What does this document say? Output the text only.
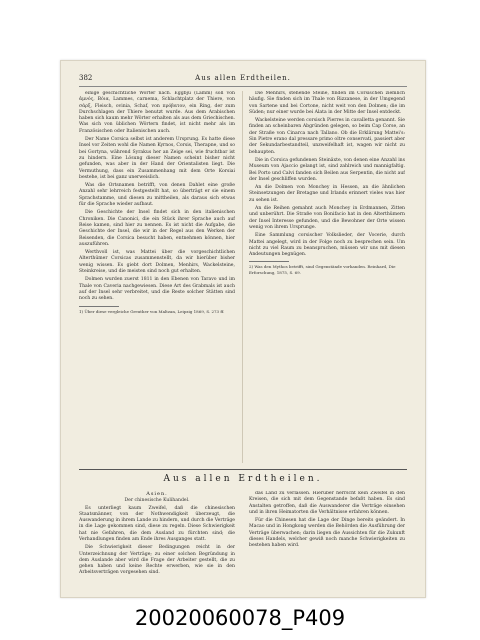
382	Aus allen Erdtheilen.

einige geschichtliche Wörter nach. Eggbju (Lamm) soll von ἀμνός, Βόια, Lammes, carnema, Schlachtplatz der Thiere, von σάρξ, Fleisch, ovinia, Schaf, von πρόβατον, ein Ring, der zum Durchschlagen der Thiere benutzt wurde. Aus dem Arabischen haben sich kaum mehr Wörter erhalten als aus dem Griechischen. Was sich von üblichen Wörtern findet, ist nicht mehr als im Französischen oder Italienischen auch.

Der Name Corsica selbst ist anderem Ursprung. Es hatte diese Insel vor Zeiten wohl die Namen Kyrnos, Corsis, Therapne, und so bei Gortyna, während Syrakus her an Zeige sei, wie fruchtbar ist zu hindern. Eine Lösung dieser Namen scheint bisher nicht gefunden, was aber in der Hand der Orientalisten liegt. Die Vermuthung, dass ein Zusammenhang mit dem Orte Korsiai bestehe, ist bei ganz unerweislich.

Was die Ortsnamen betrifft, von denen Dahlet eine große Anzahl sehr lehrreich festgestellt hat, so überträgt er sie einem Sprachstamme, und diesen zu mittheilen, als daraus sich etwas für die Sprache wieder aufbaut.

Die Geschichte der Insel findet sich in den italienischen Chroniken. Die Canonici, die ein Stück ihrer Sprache auch auf Reise kamen, sind hier zu nennen. Es ist nicht die Aufgabe, die Geschichte der Insel, die wir in der Regel aus den Werken der Reisenden, die Corsica besucht haben, entnehmen können, hier auszuführen.

Werthvoll ist, was Mattei über die vorgeschichtlichen Alterthümer Corsicas zusammenstellt, da wir hierüber bisher wenig wissen. Es giebt dort Dolmen, Menhirs, Wackelsteine, Steinkreise, und die meisten sind noch gut erhalten.

Dolmen wurden zuerst 1811 in den Ebenen von Taravo und im Thale von Caveria nachgewiesen. Diese Art des Grabmals ist auch auf der Insel sehr verbreitet, und die Reste solcher Stätten sind noch zu sehen.

1) Über diese vergleiche Greuther von Maltzan, Leipzig 1869, S. 273 ff.

Die Menhirs, stehende Steine, finden im Corsischen ziemlich häufig. Sie finden sich im Thale von Rizzanese, in der Umgegend von Sartene und bei Cortone, nicht weit von den Dolmen; die im Süden; nur einer wurde bei Alata in der Mitte der Insel entdeckt.

Wackelsteine werden corsisch Pierres in cavalletta genannt. Sie finden an scheinbaren Abgründen gelegen, so beim Cap Corse, an der Straße von Cinarca nach Tallano. Ob die Erklärung Mattei's: Sin Pietre erano dal pressare primo oltre conservati, passiert aber der Sekundarbestandteil, unzweifelhaft ist, wagen wir nicht zu behaupten.

Die in Corsica gefundenen Steinäxte, von denen eine Anzahl ins Museum von Ajaccio gelangt ist, sind zahlreich und mannigfaltig. Bei Porto und Calvi fanden sich Beilen aus Serpentin, die nicht auf der Insel geschliffen wurden.

An die Dolmen von Monchey in Hessen, an die ähnlichen Steinsetzungen der Bretagne und Irlands erinnert vieles was hier zu sehen ist.

An die Reihen gemahnt auch Monchey in Erdmannen, Zitten und unberührt. Die Straße von Bonifacio hat in den Alterthümern der Insel Interesse gefunden, und die Bewohner der Orte wissen wenig von ihrem Ursprunge.

Eine Sammlung corsischer Volkslieder, der Vocerie, durch Mattei angelegt, wird in der Folge noch zu besprechen sein. Um nicht zu viel Raum zu beanspruchen, müssen wir uns mit diesen Andeutungen begnügen.

2) Was den Mythos betrifft, sind Gegenstände vorhanden. Reinhard, Die Erforschung, 1875, S. 69.

Aus allen Erdtheilen.

Asien.

Der chinesische Kulihandel.

Es unterliegt kaum Zweifel, daß die chinesischen Staatsmänner, von der Nothwendigkeit überzeugt, die Auswanderung in ihrem Lande zu hindern, und durch die Verträge in die Lage gekommen sind, diese zu regeln. Diese Schwierigkeit hat nie Gefahren, die dem Ausland zu fürchten sind; die Verhandlungen finden am Ende ihres Ausganges statt.

Die Schwierigkeit dieser Bedingungen reicht in der Unterzeichnung der Verträge; zu einer solchen Begründung in dem Auslande aber wird die Frage der Arbeiter gestellt, die zu gehen haben und keine Rechte erwerben, wie sie in den Arbeitsverträgen vorgesehen sind.

das Land zu verlassen. Hierüber herrscht kein Zweifel in den Kreisen, die sich mit dem Gegenstande befaßt haben. Es sind Anstalten getroffen, daß die Auswanderer die Verträge einsehen und in ihren Heimatorten die Verhältnisse erfahren können.

Für die Chinesen hat die Lage der Dinge bereits geändert. In Macao und in Hongkong werden die Behörden die Ausführung der Verträge überwachen; darin liegen die Aussichten für die Zukunft dieses Handels, welcher gewiß noch manche Schwierigkeiten zu bestehen haben wird.

20020060078_P409
